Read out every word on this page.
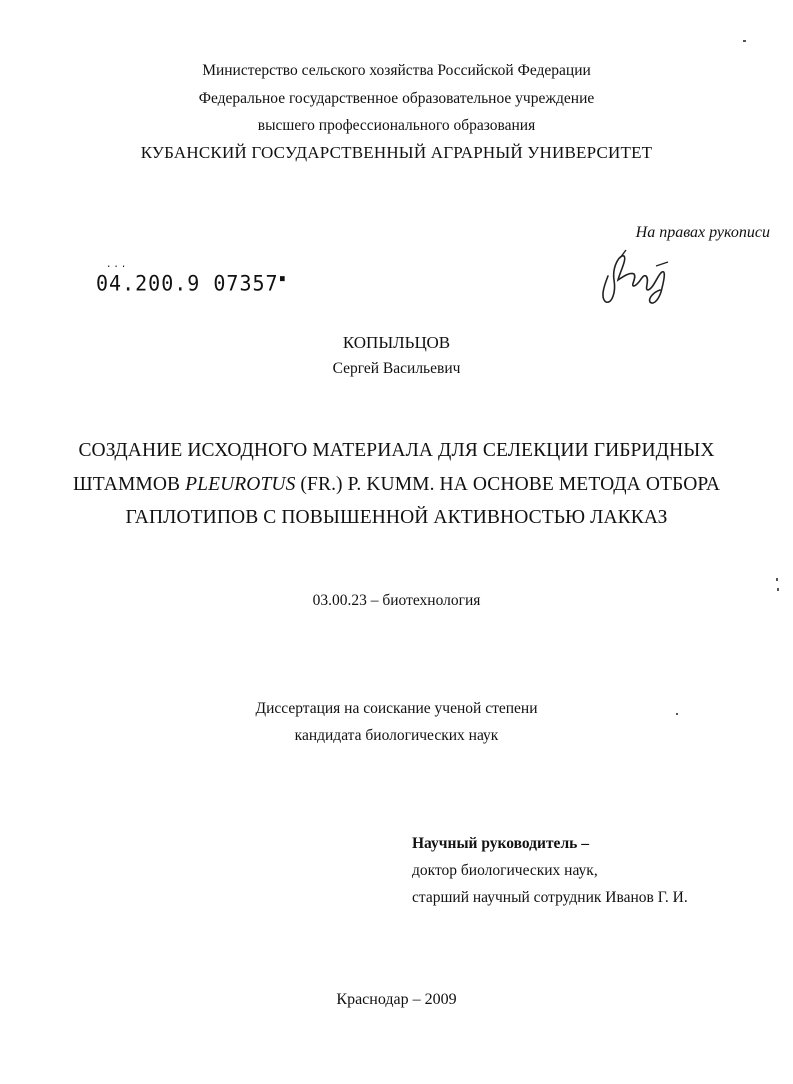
Министерство сельского хозяйства Российской Федерации
Федеральное государственное образовательное учреждение
высшего профессионального образования
КУБАНСКИЙ ГОСУДАРСТВЕННЫЙ АГРАРНЫЙ УНИВЕРСИТЕТ
На правах рукописи
···
04.200.9 07357▪
КОПЫЛЬЦОВ
Сергей Васильевич
СОЗДАНИЕ ИСХОДНОГО МАТЕРИАЛА ДЛЯ СЕЛЕКЦИИ ГИБРИДНЫХ
ШТАММОВ PLEUROTUS (FR.) P. KUMM. НА ОСНОВЕ МЕТОДА ОТБОРА
ГАПЛОТИПОВ С ПОВЫШЕННОЙ АКТИВНОСТЬЮ ЛАККАЗ
03.00.23 – биотехнология
Диссертация на соискание ученой степени
кандидата биологических наук
Научный руководитель –
доктор биологических наук,
старший научный сотрудник Иванов Г. И.
Краснодар – 2009
